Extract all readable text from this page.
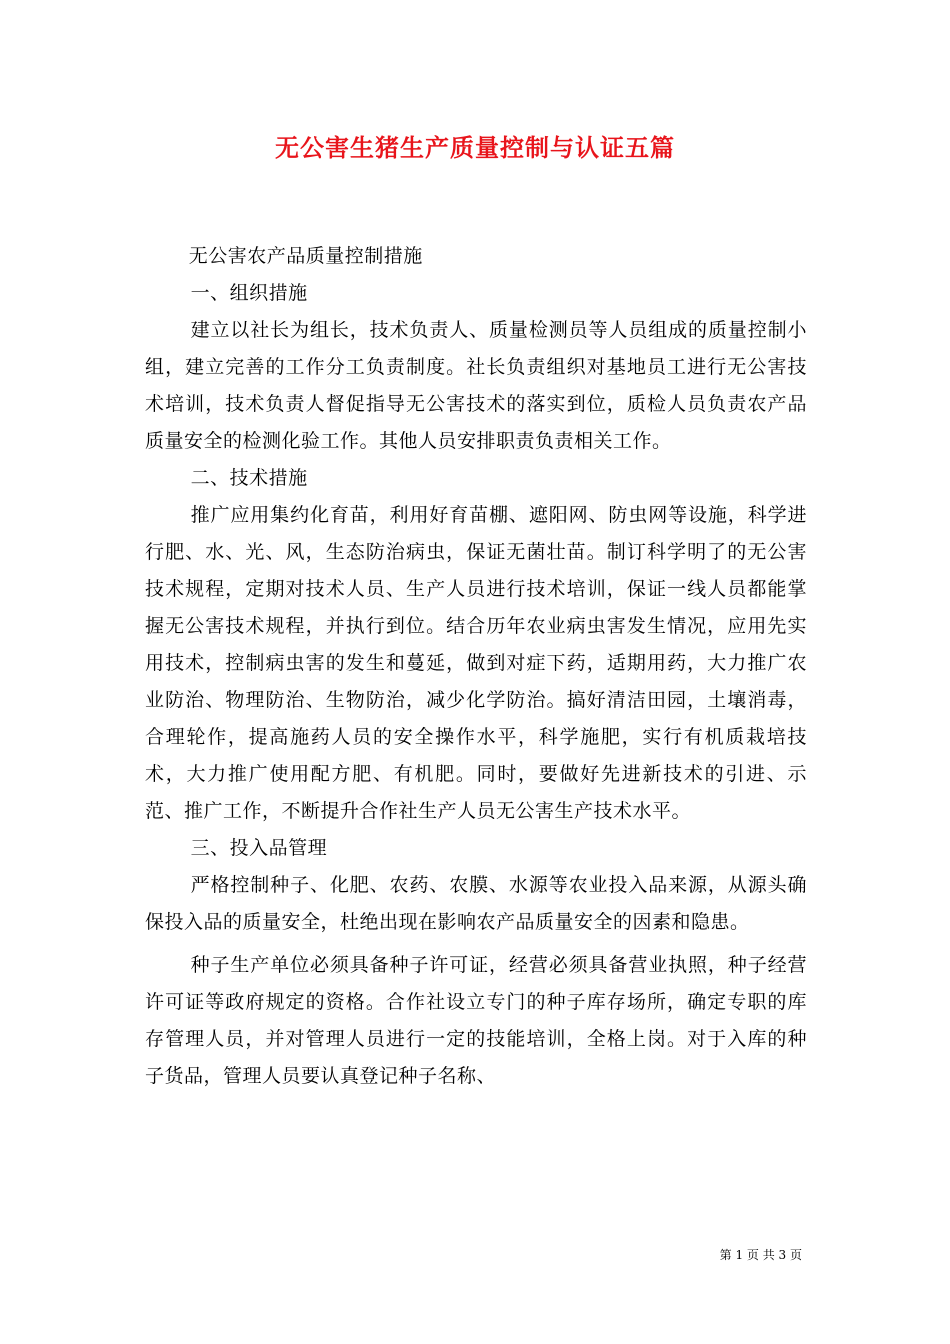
无公害生猪生产质量控制与认证五篇

无公害农产品质量控制措施

一、组织措施

建立以社长为组长，技术负责人、质量检测员等人员组成的质量控制小组，建立完善的工作分工负责制度。社长负责组织对基地员工进行无公害技术培训，技术负责人督促指导无公害技术的落实到位，质检人员负责农产品质量安全的检测化验工作。其他人员安排职责负责相关工作。

二、技术措施

推广应用集约化育苗，利用好育苗棚、遮阳网、防虫网等设施，科学进行肥、水、光、风，生态防治病虫，保证无菌壮苗。制订科学明了的无公害技术规程，定期对技术人员、生产人员进行技术培训，保证一线人员都能掌握无公害技术规程，并执行到位。结合历年农业病虫害发生情况，应用先实用技术，控制病虫害的发生和蔓延，做到对症下药，适期用药，大力推广农业防治、物理防治、生物防治，减少化学防治。搞好清洁田园，土壤消毒，合理轮作，提高施药人员的安全操作水平，科学施肥，实行有机质栽培技术，大力推广使用配方肥、有机肥。同时，要做好先进新技术的引进、示范、推广工作，不断提升合作社生产人员无公害生产技术水平。

三、投入品管理

严格控制种子、化肥、农药、农膜、水源等农业投入品来源，从源头确保投入品的质量安全，杜绝出现在影响农产品质量安全的因素和隐患。

种子生产单位必须具备种子许可证，经营必须具备营业执照，种子经营许可证等政府规定的资格。合作社设立专门的种子库存场所，确定专职的库存管理人员，并对管理人员进行一定的技能培训，全格上岗。对于入库的种子货品，管理人员要认真登记种子名称、

第 1 页 共 3 页
